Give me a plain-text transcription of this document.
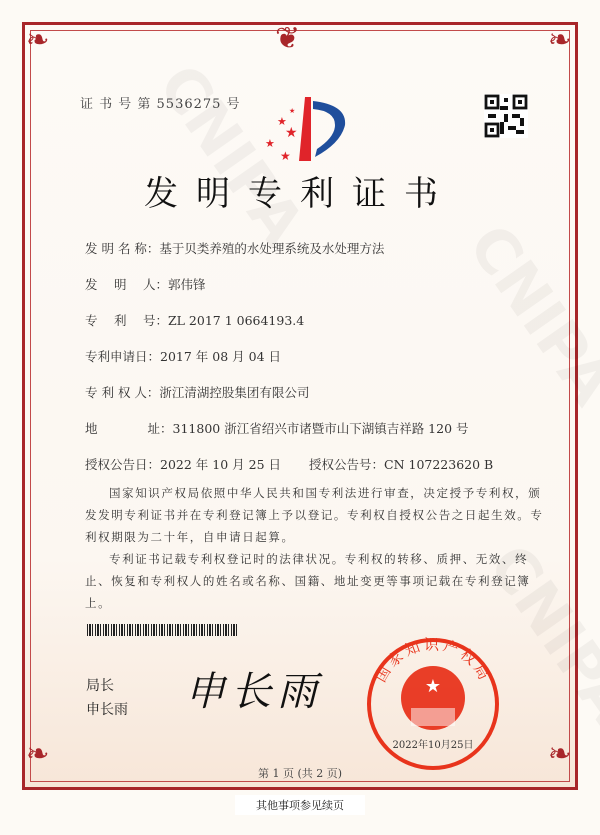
❦
❧	❧
❧	❧
证 书 号 第 5536275 号
★
★
★
★
★
发明专利证书
发 明 名 称：基于贝类养殖的水处理系统及水处理方法
发　 明　 人：郭伟锋
专　 利　 号：ZL 2017 1 0664193.4
专利申请日：2017 年 08 月 04 日
专 利 权 人：浙江清湖控股集团有限公司
地　　　　址：311800 浙江省绍兴市诸暨市山下湖镇吉祥路 120 号
授权公告日：2022 年 10 月 25 日 授权公告号：CN 107223620 B
国家知识产权局依照中华人民共和国专利法进行审查，决定授予专利权，颁发发明专利证书并在专利登记簿上予以登记。专利权自授权公告之日起生效。专利权期限为二十年，自申请日起算。
专利证书记载专利权登记时的法律状况。专利权的转移、质押、无效、终止、恢复和专利权人的姓名或名称、国籍、地址变更等事项记载在专利登记簿上。
局长
申长雨 申长雨	★
国家知识产权局
2022年10月25日
第 1 页 (共 2 页)
其他事项参见续页
